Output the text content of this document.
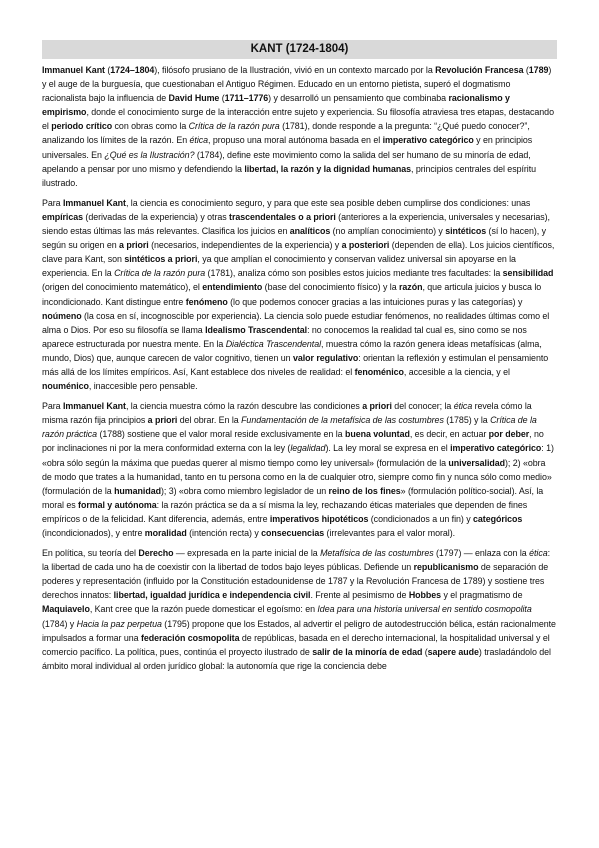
KANT (1724-1804)

Immanuel Kant (1724–1804), filósofo prusiano de la Ilustración, vivió en un contexto marcado por la Revolución Francesa (1789) y el auge de la burguesía, que cuestionaban el Antiguo Régimen. Educado en un entorno pietista, superó el dogmatismo racionalista bajo la influencia de David Hume (1711–1776) y desarrolló un pensamiento que combinaba racionalismo y empirismo, donde el conocimiento surge de la interacción entre sujeto y experiencia. Su filosofía atraviesa tres etapas, destacando el periodo crítico con obras como la Crítica de la razón pura (1781), donde responde a la pregunta: “¿Qué puedo conocer?”, analizando los límites de la razón. En ética, propuso una moral autónoma basada en el imperativo categórico y en principios universales. En ¿Qué es la Ilustración? (1784), define este movimiento como la salida del ser humano de su minoría de edad, apelando a pensar por uno mismo y defendiendo la libertad, la razón y la dignidad humanas, principios centrales del espíritu ilustrado.

Para Immanuel Kant, la ciencia es conocimiento seguro, y para que este sea posible deben cumplirse dos condiciones: unas empíricas (derivadas de la experiencia) y otras trascendentales o a priori (anteriores a la experiencia, universales y necesarias), siendo estas últimas las más relevantes. Clasifica los juicios en analíticos (no amplían conocimiento) y sintéticos (sí lo hacen), y según su origen en a priori (necesarios, independientes de la experiencia) y a posteriori (dependen de ella). Los juicios científicos, clave para Kant, son sintéticos a priori, ya que amplían el conocimiento y conservan validez universal sin apoyarse en la experiencia. En la Crítica de la razón pura (1781), analiza cómo son posibles estos juicios mediante tres facultades: la sensibilidad (origen del conocimiento matemático), el entendimiento (base del conocimiento físico) y la razón, que articula juicios y busca lo incondicionado. Kant distingue entre fenómeno (lo que podemos conocer gracias a las intuiciones puras y las categorías) y noúmeno (la cosa en sí, incognoscible por experiencia). La ciencia solo puede estudiar fenómenos, no realidades últimas como el alma o Dios. Por eso su filosofía se llama Idealismo Trascendental: no conocemos la realidad tal cual es, sino como se nos aparece estructurada por nuestra mente. En la Dialéctica Trascendental, muestra cómo la razón genera ideas metafísicas (alma, mundo, Dios) que, aunque carecen de valor cognitivo, tienen un valor regulativo: orientan la reflexión y estimulan el pensamiento más allá de los límites empíricos. Así, Kant establece dos niveles de realidad: el fenoménico, accesible a la ciencia, y el nouménico, inaccesible pero pensable.

Para Immanuel Kant, la ciencia muestra cómo la razón descubre las condiciones a priori del conocer; la ética revela cómo la misma razón fija principios a priori del obrar. En la Fundamentación de la metafísica de las costumbres (1785) y la Crítica de la razón práctica (1788) sostiene que el valor moral reside exclusivamente en la buena voluntad, es decir, en actuar por deber, no por inclinaciones ni por la mera conformidad externa con la ley (legalidad). La ley moral se expresa en el imperativo categórico: 1) «obra sólo según la máxima que puedas querer al mismo tiempo como ley universal» (formulación de la universalidad); 2) «obra de modo que trates a la humanidad, tanto en tu persona como en la de cualquier otro, siempre como fin y nunca sólo como medio» (formulación de la humanidad); 3) «obra como miembro legislador de un reino de los fines» (formulación político-social). Así, la moral es formal y autónoma: la razón práctica se da a sí misma la ley, rechazando éticas materiales que dependen de fines empíricos o de la felicidad. Kant diferencia, además, entre imperativos hipotéticos (condicionados a un fin) y categóricos (incondicionados), y entre moralidad (intención recta) y consecuencias (irrelevantes para el valor moral).

En política, su teoría del Derecho — expresada en la parte inicial de la Metafísica de las costumbres (1797) — enlaza con la ética: la libertad de cada uno ha de coexistir con la libertad de todos bajo leyes públicas. Defiende un republicanismo de separación de poderes y representación (influido por la Constitución estadounidense de 1787 y la Revolución Francesa de 1789) y sostiene tres derechos innatos: libertad, igualdad jurídica e independencia civil. Frente al pesimismo de Hobbes y el pragmatismo de Maquiavelo, Kant cree que la razón puede domesticar el egoísmo: en Idea para una historia universal en sentido cosmopolita (1784) y Hacia la paz perpetua (1795) propone que los Estados, al advertir el peligro de autodestrucción bélica, están racionalmente impulsados a formar una federación cosmopolita de repúblicas, basada en el derecho internacional, la hospitalidad universal y el comercio pacífico. La política, pues, continúa el proyecto ilustrado de salir de la minoría de edad (sapere aude) trasladándolo del ámbito moral individual al orden jurídico global: la autonomía que rige la conciencia debe
